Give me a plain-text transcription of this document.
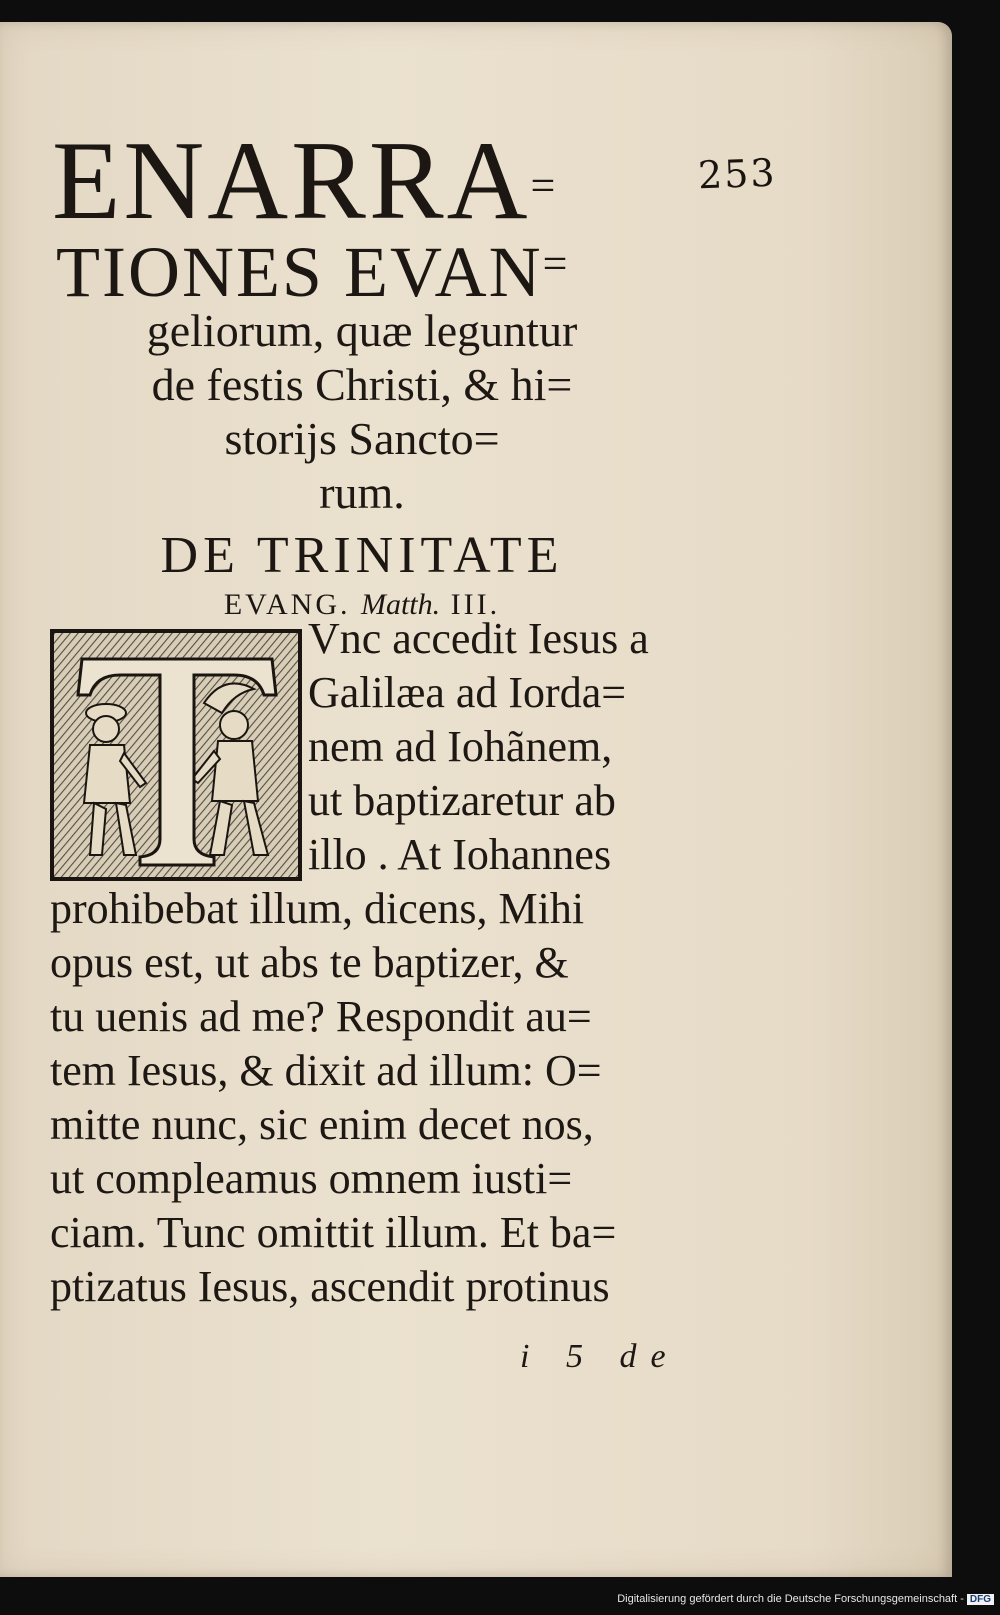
253
ENARRA=
TIONES EVAN=
geliorum, quæ leguntur
de festis Christi, & hi=
storijs Sancto=
rum.
DE TRINITATE
EVANG. Matth. III.
Vnc accedit Iesus a
Galilæa ad Iorda=
nem ad Iohãnem,
ut baptizaretur ab
illo . At Iohannes
prohibebat illum, dicens, Mihi
opus est, ut abs te baptizer, &
tu uenis ad me? Respondit au=
tem Iesus, & dixit ad illum: O=
mitte nunc, sic enim decet nos,
ut compleamus omnem iusti=
ciam. Tunc omittit illum. Et ba=
ptizatus Iesus, ascendit protinus
i 5 de
Digitalisierung gefördert durch die Deutsche Forschungsgemeinschaft - DFG
